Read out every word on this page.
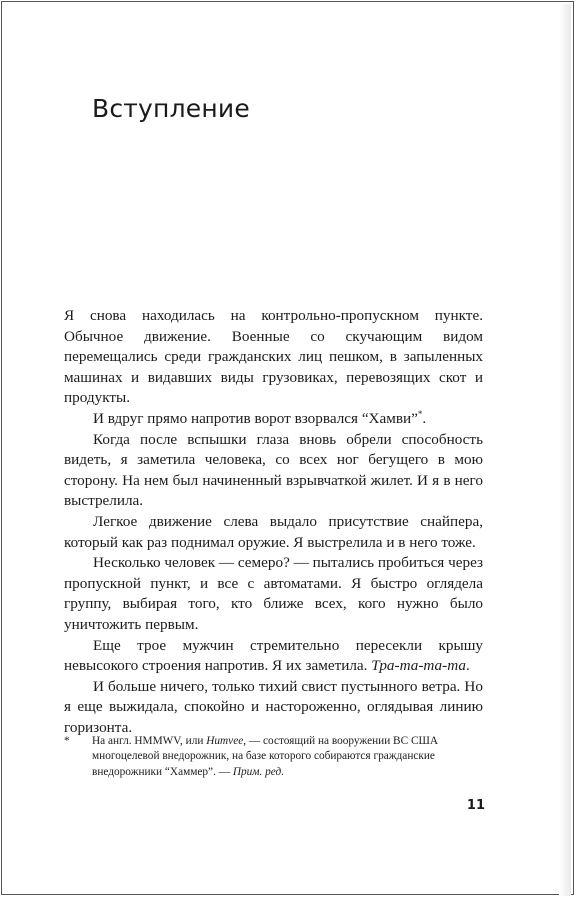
Вступление

Я снова находилась на контрольно-пропускном пункте. Обычное движение. Военные со скучающим видом перемещались среди гражданских лиц пешком, в запыленных машинах и видавших виды грузовиках, перевозящих скот и продукты.

И вдруг прямо напротив ворот взорвался “Хамви”*.

Когда после вспышки глаза вновь обрели способность видеть, я заметила человека, со всех ног бегущего в мою сторону. На нем был начиненный взрывчаткой жилет. И я в него выстрелила.

Легкое движение слева выдало присутствие снайпера, который как раз поднимал оружие. Я выстрелила и в него тоже.

Несколько человек — семеро? — пытались пробиться через пропускной пункт, и все с автоматами. Я быстро оглядела группу, выбирая того, кто ближе всех, кого нужно было уничтожить первым.

Еще трое мужчин стремительно пересекли крышу невысокого строения напротив. Я их заметила. Тра-та-та-та.

И больше ничего, только тихий свист пустынного ветра. Но я еще выжидала, спокойно и настороженно, оглядывая линию горизонта.

* На англ. HMMWV, или Humvee, — состоящий на вооружении ВС США многоцелевой внедорожник, на базе которого собираются гражданские внедорожники “Хаммер”. — Прим. ред.
11
